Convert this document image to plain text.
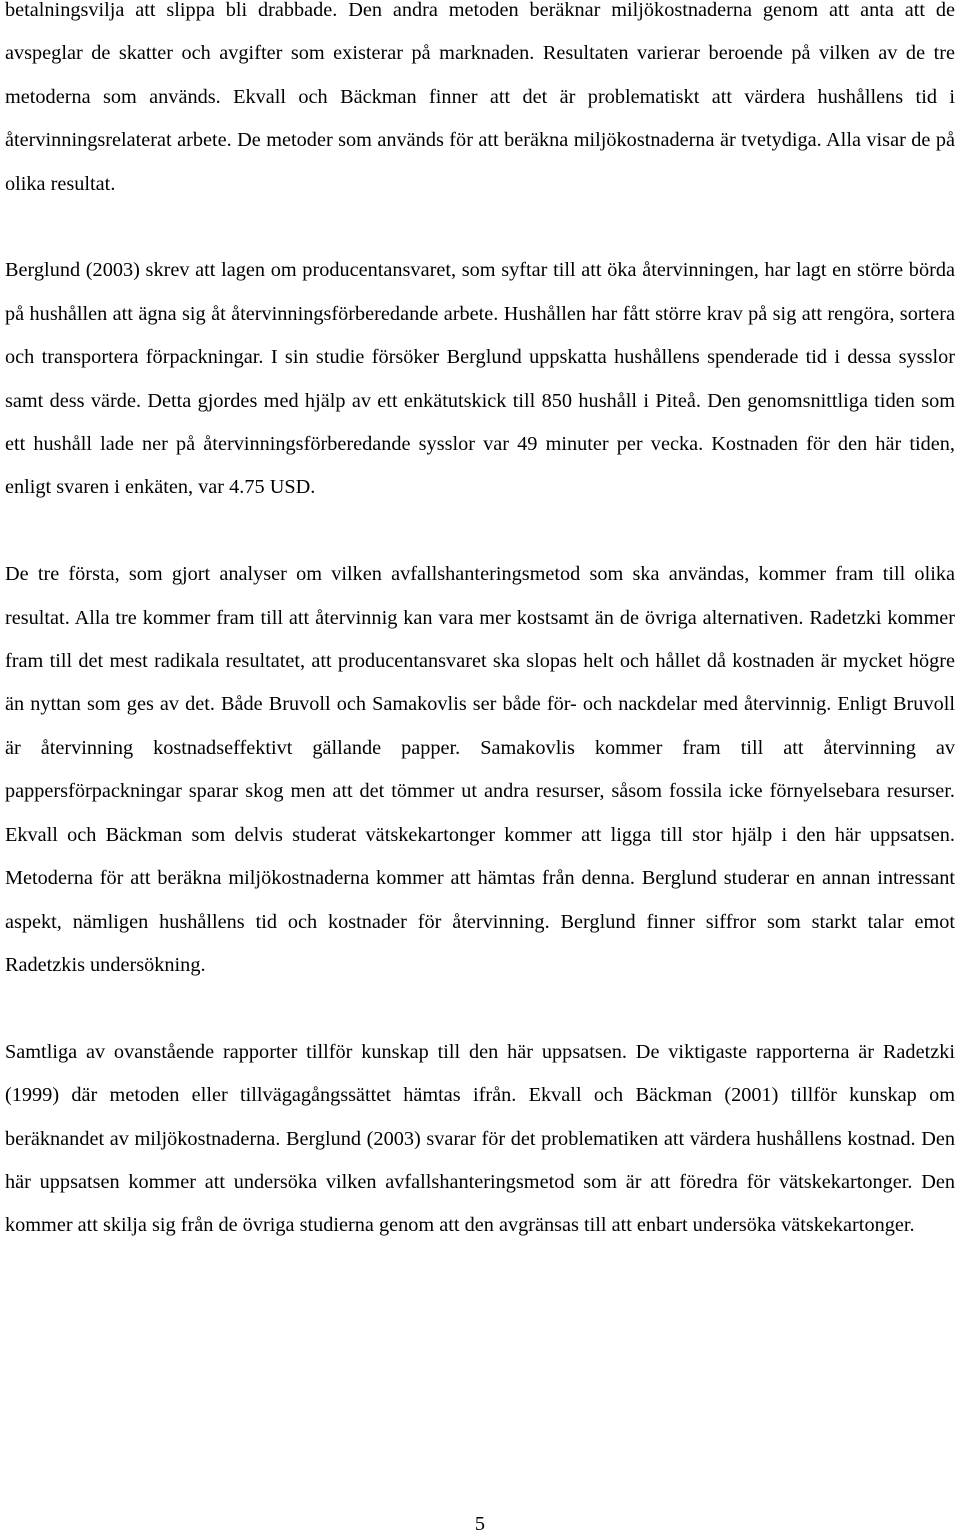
betalningsvilja att slippa bli drabbade. Den andra metoden beräknar miljökostnaderna genom att anta att de avspeglar de skatter och avgifter som existerar på marknaden. Resultaten varierar beroende på vilken av de tre metoderna som används. Ekvall och Bäckman finner att det är problematiskt att värdera hushållens tid i återvinningsrelaterat arbete. De metoder som används för att beräkna miljökostnaderna är tvetydiga. Alla visar de på olika resultat.

Berglund (2003) skrev att lagen om producentansvaret, som syftar till att öka återvinningen, har lagt en större börda på hushållen att ägna sig åt återvinningsförberedande arbete. Hushållen har fått större krav på sig att rengöra, sortera och transportera förpackningar. I sin studie försöker Berglund uppskatta hushållens spenderade tid i dessa sysslor samt dess värde. Detta gjordes med hjälp av ett enkätutskick till 850 hushåll i Piteå. Den genomsnittliga tiden som ett hushåll lade ner på återvinningsförberedande sysslor var 49 minuter per vecka. Kostnaden för den här tiden, enligt svaren i enkäten, var 4.75 USD.

De tre första, som gjort analyser om vilken avfallshanteringsmetod som ska användas, kommer fram till olika resultat. Alla tre kommer fram till att återvinnig kan vara mer kostsamt än de övriga alternativen. Radetzki kommer fram till det mest radikala resultatet, att producentansvaret ska slopas helt och hållet då kostnaden är mycket högre än nyttan som ges av det. Både Bruvoll och Samakovlis ser både för- och nackdelar med återvinnig. Enligt Bruvoll är återvinning kostnadseffektivt gällande papper. Samakovlis kommer fram till att återvinning av pappersförpackningar sparar skog men att det tömmer ut andra resurser, såsom fossila icke förnyelsebara resurser. Ekvall och Bäckman som delvis studerat vätskekartonger kommer att ligga till stor hjälp i den här uppsatsen. Metoderna för att beräkna miljökostnaderna kommer att hämtas från denna. Berglund studerar en annan intressant aspekt, nämligen hushållens tid och kostnader för återvinning. Berglund finner siffror som starkt talar emot Radetzkis undersökning.

Samtliga av ovanstående rapporter tillför kunskap till den här uppsatsen. De viktigaste rapporterna är Radetzki (1999) där metoden eller tillvägagångssättet hämtas ifrån. Ekvall och Bäckman (2001) tillför kunskap om beräknandet av miljökostnaderna. Berglund (2003) svarar för det problematiken att värdera hushållens kostnad. Den här uppsatsen kommer att undersöka vilken avfallshanteringsmetod som är att föredra för vätskekartonger. Den kommer att skilja sig från de övriga studierna genom att den avgränsas till att enbart undersöka vätskekartonger.

5
